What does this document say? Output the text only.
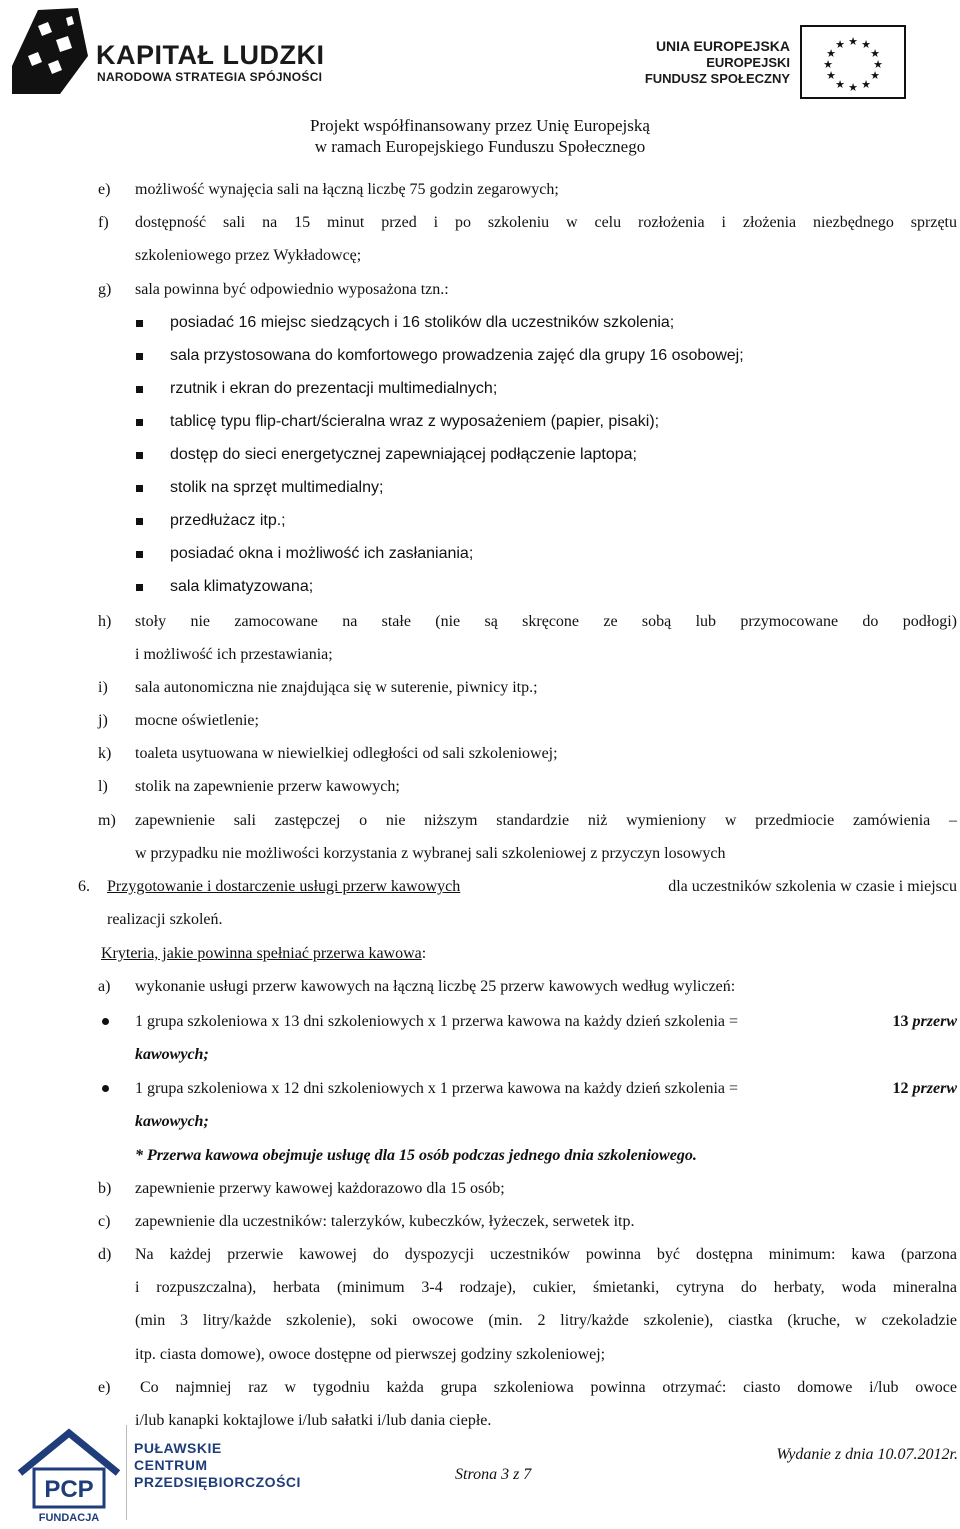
KAPITAŁ LUDZKI
NARODOWA STRATEGIA SPÓJNOŚCI
UNIA EUROPEJSKA
EUROPEJSKI
FUNDUSZ SPOŁECZNY
★ ★
★
★
★
★
★
★
★
★
★
★
Projekt współfinansowany przez Unię Europejską
w ramach Europejskiego Funduszu Społecznego
e) możliwość wynajęcia sali na łączną liczbę 75 godzin zegarowych;
f) dostępność sali na 15 minut przed i po szkoleniu w celu rozłożenia i złożenia niezbędnego sprzętu
szkoleniowego przez Wykładowcę;
g) sala powinna być odpowiednio wyposażona tzn.:
posiadać 16 miejsc siedzących i 16 stolików dla uczestników szkolenia;
sala przystosowana do komfortowego prowadzenia zajęć dla grupy 16 osobowej;
rzutnik i ekran do prezentacji multimedialnych;
tablicę typu flip-chart/ścieralna wraz z wyposażeniem (papier, pisaki);
dostęp do sieci energetycznej zapewniającej podłączenie laptopa;
stolik na sprzęt multimedialny;
przedłużacz itp.;
posiadać okna i możliwość ich zasłaniania;
sala klimatyzowana;
h) stoły nie zamocowane na stałe (nie są skręcone ze sobą lub przymocowane do podłogi)
i możliwość ich przestawiania;
i) sala autonomiczna nie znajdująca się w suterenie, piwnicy itp.;
j) mocne oświetlenie;
k) toaleta usytuowana w niewielkiej odległości od sali szkoleniowej;
l) stolik na zapewnienie przerw kawowych;
m) zapewnienie sali zastępczej o nie niższym standardzie niż wymieniony w przedmiocie zamówienia –
w przypadku nie możliwości korzystania z wybranej sali szkoleniowej z przyczyn losowych
6. Przygotowanie i dostarczenie usługi przerw kawowych	dla uczestników szkolenia w czasie i miejscu
realizacji szkoleń.
Kryteria, jakie powinna spełniać przerwa kawowa:
a) wykonanie usługi przerw kawowych na łączną liczbę 25 przerw kawowych według wyliczeń:
1 grupa szkoleniowa x 13 dni szkoleniowych x 1 przerwa kawowa na każdy dzień szkolenia =	13 przerw
kawowych;
1 grupa szkoleniowa x 12 dni szkoleniowych x 1 przerwa kawowa na każdy dzień szkolenia =	12 przerw
kawowych;
* Przerwa kawowa obejmuje usługę dla 15 osób podczas jednego dnia szkoleniowego.
b) zapewnienie przerwy kawowej każdorazowo dla 15 osób;
c) zapewnienie dla uczestników: talerzyków, kubeczków, łyżeczek, serwetek itp.
d) Na każdej przerwie kawowej do dyspozycji uczestników powinna być dostępna minimum: kawa (parzona
i rozpuszczalna), herbata (minimum 3-4 rodzaje), cukier, śmietanki, cytryna do herbaty, woda mineralna
(min 3 litry/każde szkolenie), soki owocowe (min. 2 litry/każde szkolenie), ciastka (kruche, w czekoladzie
itp. ciasta domowe), owoce dostępne od pierwszej godziny szkoleniowej;
e) Co najmniej raz w tygodniu każda grupa szkoleniowa powinna otrzymać: ciasto domowe i/lub owoce
i/lub kanapki koktajlowe i/lub sałatki i/lub dania ciepłe.
PCP
FUNDACJA
PUŁAWSKIE
CENTRUM
PRZEDSIĘBIORCZOŚCI	Strona 3 z 7
Wydanie z dnia 10.07.2012r.
